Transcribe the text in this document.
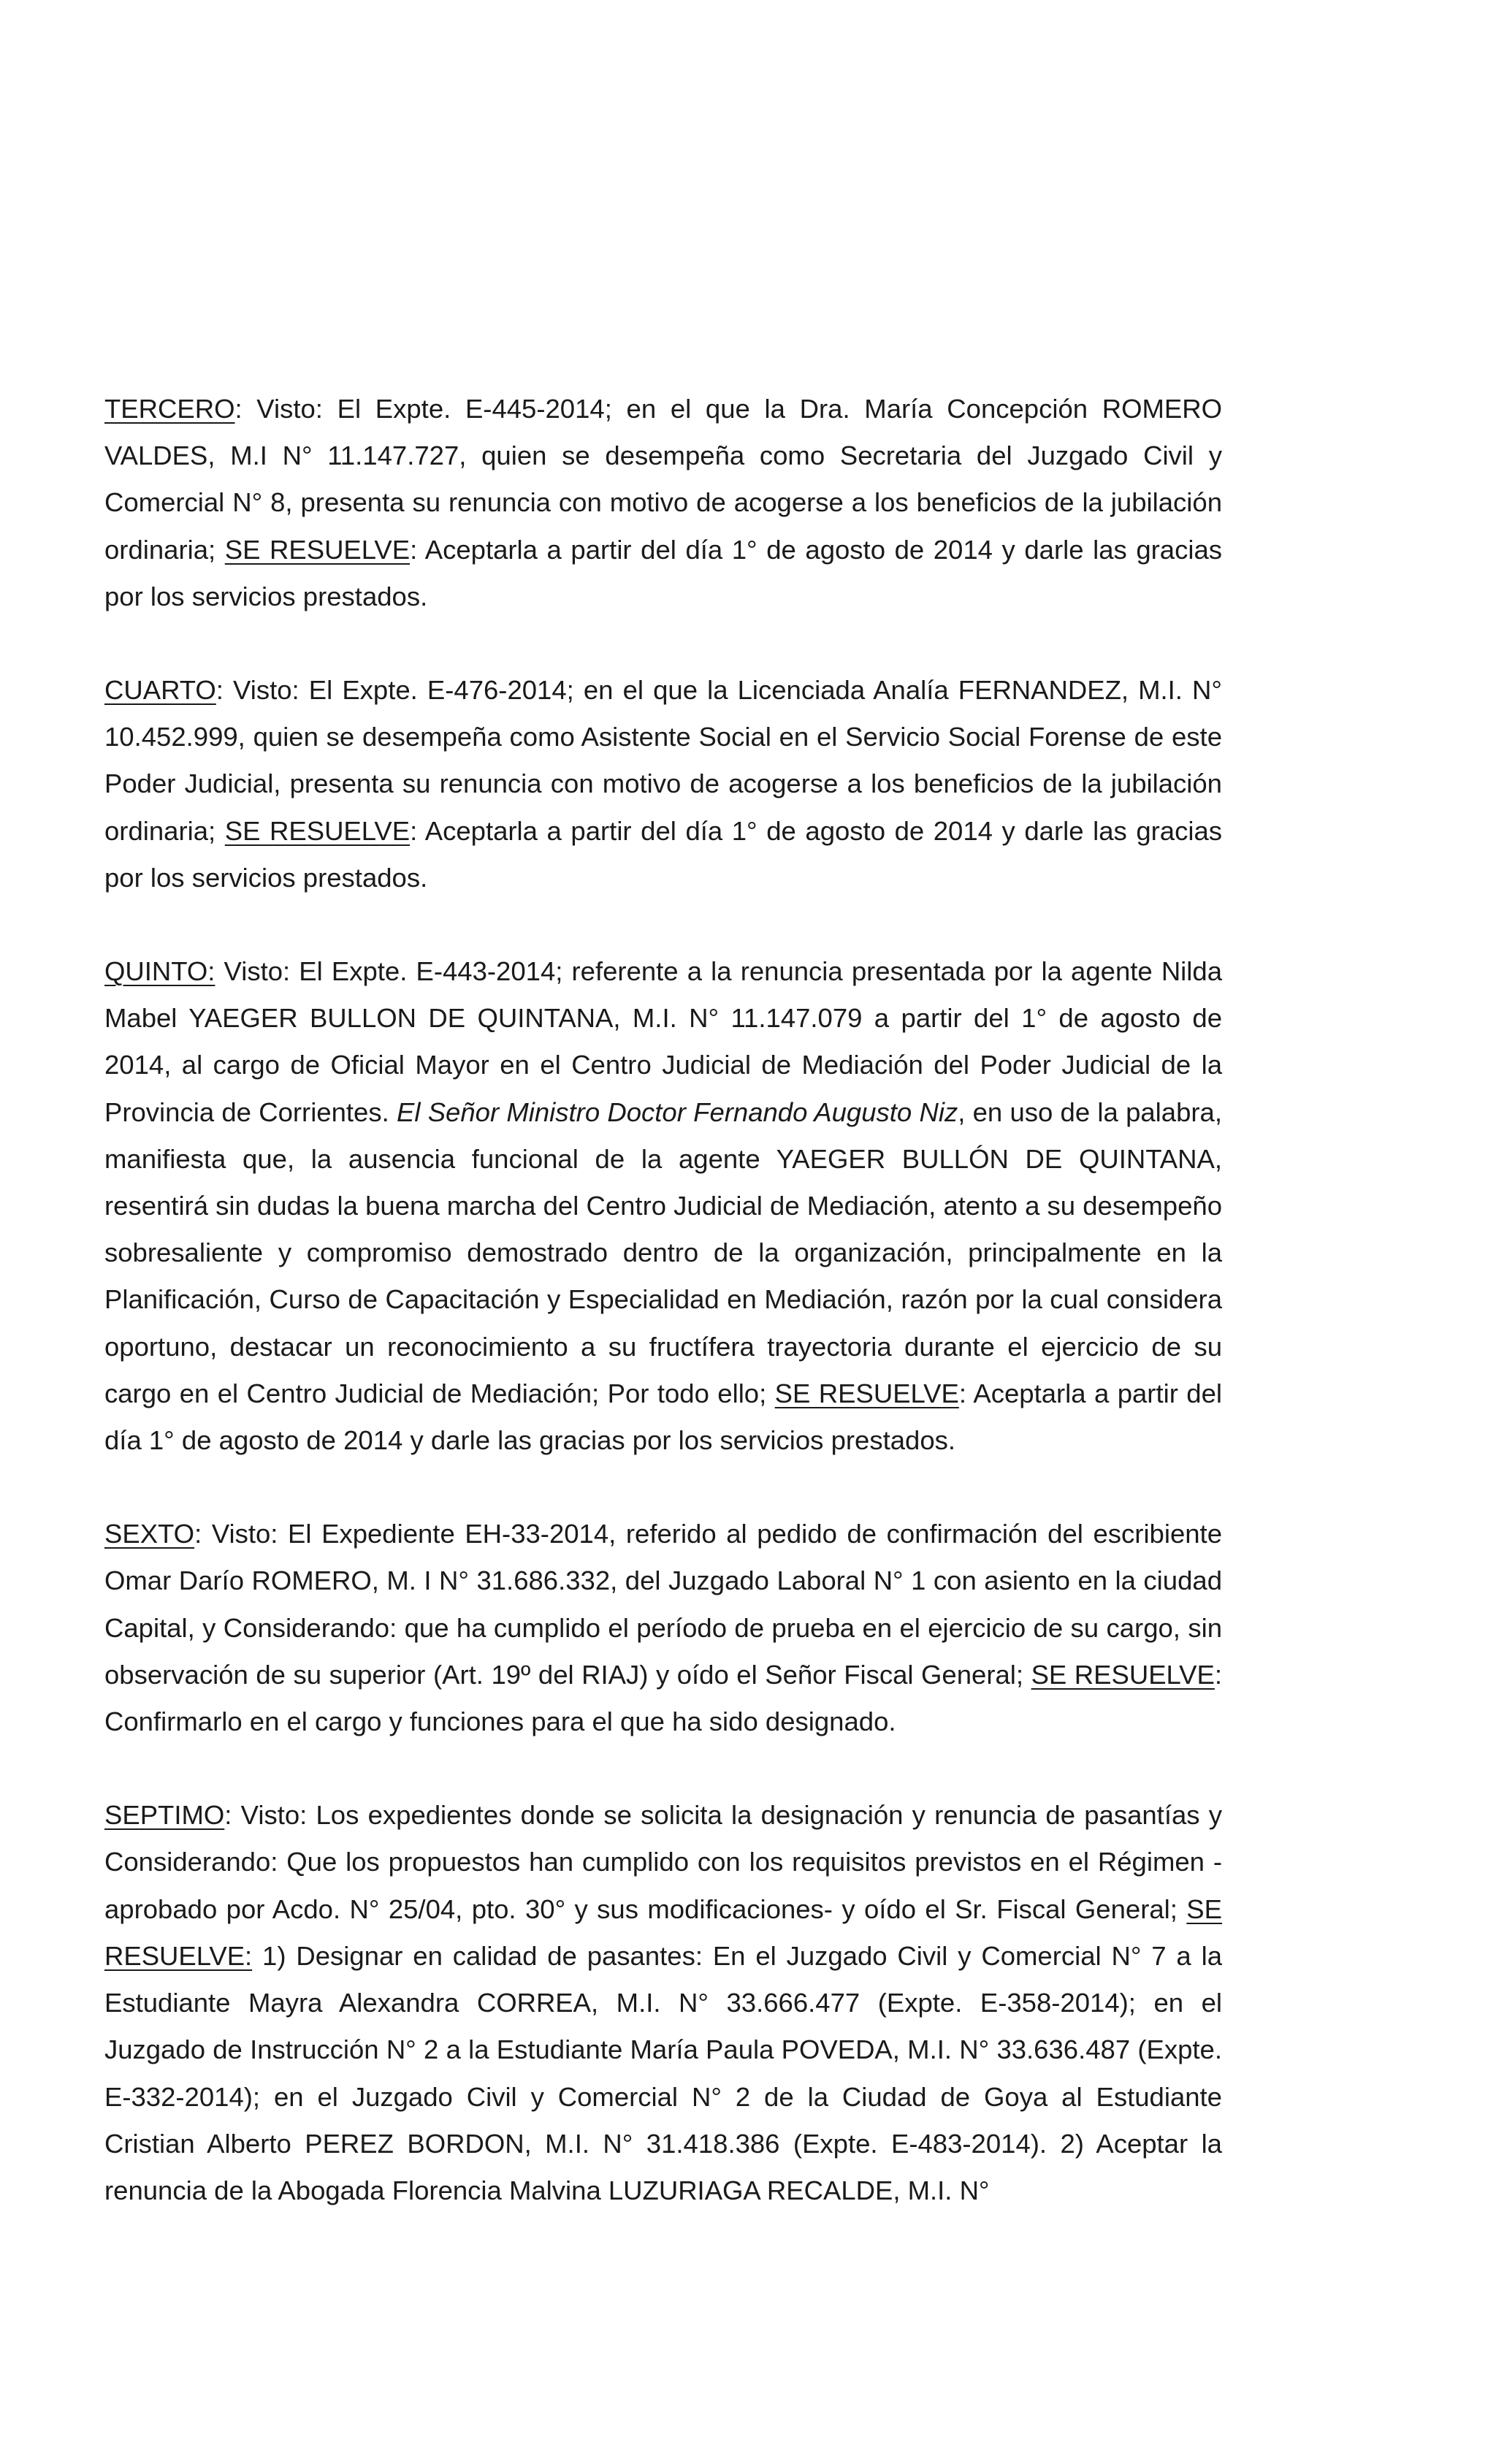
TERCERO: Visto: El Expte. E-445-2014; en el que la Dra. María Concepción ROMERO VALDES, M.I N° 11.147.727, quien se desempeña como Secretaria del Juzgado Civil y Comercial N° 8, presenta su renuncia con motivo de acogerse a los beneficios de la jubilación ordinaria; SE RESUELVE: Aceptarla a partir del día 1° de agosto de 2014 y darle las gracias por los servicios prestados.

CUARTO: Visto: El Expte. E-476-2014; en el que la Licenciada Analía FERNANDEZ, M.I. N° 10.452.999, quien se desempeña como Asistente Social en el Servicio Social Forense de este Poder Judicial, presenta su renuncia con motivo de acogerse a los beneficios de la jubilación ordinaria; SE RESUELVE: Aceptarla a partir del día 1° de agosto de 2014 y darle las gracias por los servicios prestados.

QUINTO: Visto: El Expte. E-443-2014; referente a la renuncia presentada por la agente Nilda Mabel YAEGER BULLON DE QUINTANA, M.I. N° 11.147.079 a partir del 1° de agosto de 2014, al cargo de Oficial Mayor en el Centro Judicial de Mediación del Poder Judicial de la Provincia de Corrientes. El Señor Ministro Doctor Fernando Augusto Niz, en uso de la palabra, manifiesta que, la ausencia funcional de la agente YAEGER BULLÓN DE QUINTANA, resentirá sin dudas la buena marcha del Centro Judicial de Mediación, atento a su desempeño sobresaliente y compromiso demostrado dentro de la organización, principalmente en la Planificación, Curso de Capacitación y Especialidad en Mediación, razón por la cual considera oportuno, destacar un reconocimiento a su fructífera trayectoria durante el ejercicio de su cargo en el Centro Judicial de Mediación; Por todo ello; SE RESUELVE: Aceptarla a partir del día 1° de agosto de 2014 y darle las gracias por los servicios prestados.

SEXTO: Visto: El Expediente EH-33-2014, referido al pedido de confirmación del escribiente Omar Darío ROMERO, M. I N° 31.686.332, del Juzgado Laboral N° 1 con asiento en la ciudad Capital, y Considerando: que ha cumplido el período de prueba en el ejercicio de su cargo, sin observación de su superior (Art. 19º del RIAJ) y oído el Señor Fiscal General; SE RESUELVE: Confirmarlo en el cargo y funciones para el que ha sido designado.

SEPTIMO: Visto: Los expedientes donde se solicita la designación y renuncia de pasantías y Considerando: Que los propuestos han cumplido con los requisitos previstos en el Régimen -aprobado por Acdo. N° 25/04, pto. 30° y sus modificaciones- y oído el Sr. Fiscal General; SE RESUELVE: 1) Designar en calidad de pasantes: En el Juzgado Civil y Comercial N° 7 a la Estudiante Mayra Alexandra CORREA, M.I. N° 33.666.477 (Expte. E-358-2014); en el Juzgado de Instrucción N° 2 a la Estudiante María Paula POVEDA, M.I. N° 33.636.487 (Expte. E-332-2014); en el Juzgado Civil y Comercial N° 2 de la Ciudad de Goya al Estudiante Cristian Alberto PEREZ BORDON, M.I. N° 31.418.386 (Expte. E-483-2014). 2) Aceptar la renuncia de la Abogada Florencia Malvina LUZURIAGA RECALDE, M.I. N°
